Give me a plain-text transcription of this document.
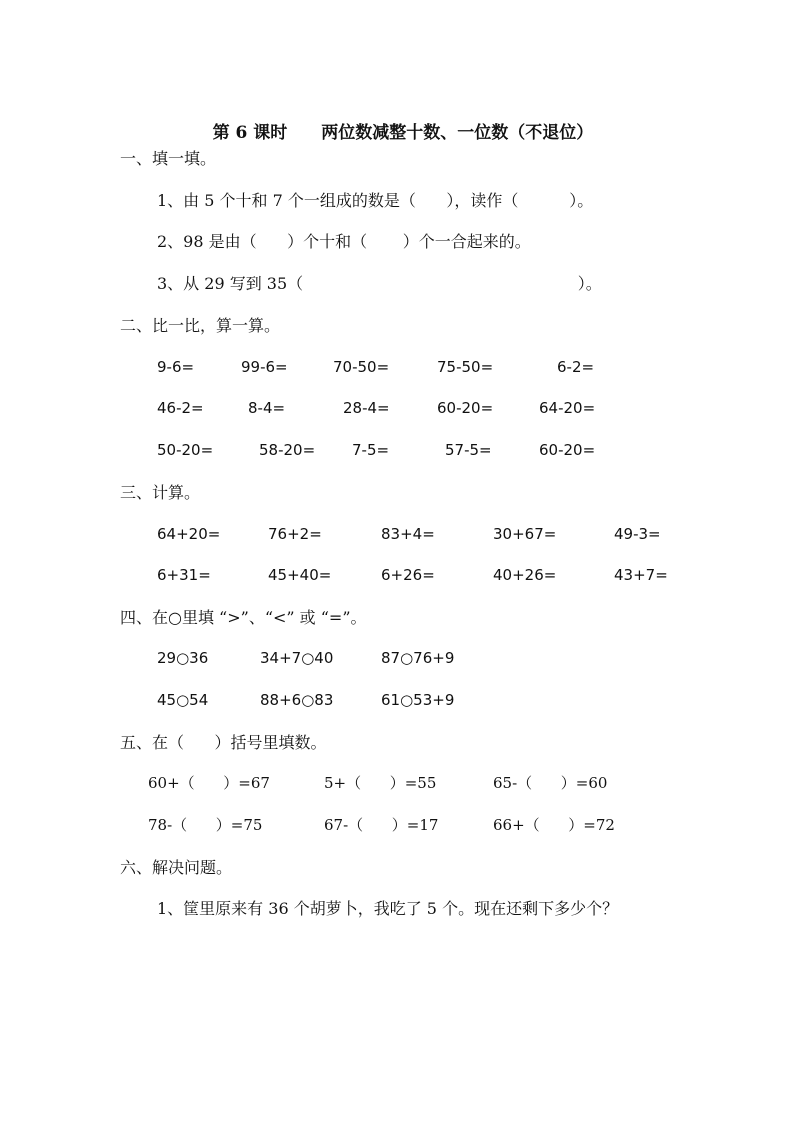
第 6 课时 两位数减整十数、一位数（不退位）

一、填一填。
1、由 5 个十和 7 个一组成的数是（      ），读作（          ）。
2、98 是由（      ）个十和（       ）个一合起来的。
3、从 29 写到 35（                                                      ）。
二、比一比，算一算。
9-6=	99-6=	70-50=	75-50=	6-2=
46-2=	8-4=	28-4=	60-20=	64-20=
50-20=	58-20= 7-5=	57-5=	60-20=
三、计算。
64+20=	76+2=	83+4=	30+67=	49-3=
6+31=	45+40=	6+26=	40+26=	43+7=
四、在○里填 “>”、“<” 或 “=”。
29○36	34+7○40	87○76+9
45○54	88+6○83	61○53+9
五、在（      ）括号里填数。
60+（      ）=67	5+（      ）=55	65-（      ）=60
78-（      ）=75	67-（      ）=17	66+（      ）=72
六、解决问题。
1、筐里原来有 36 个胡萝卜，我吃了 5 个。现在还剩下多少个？
